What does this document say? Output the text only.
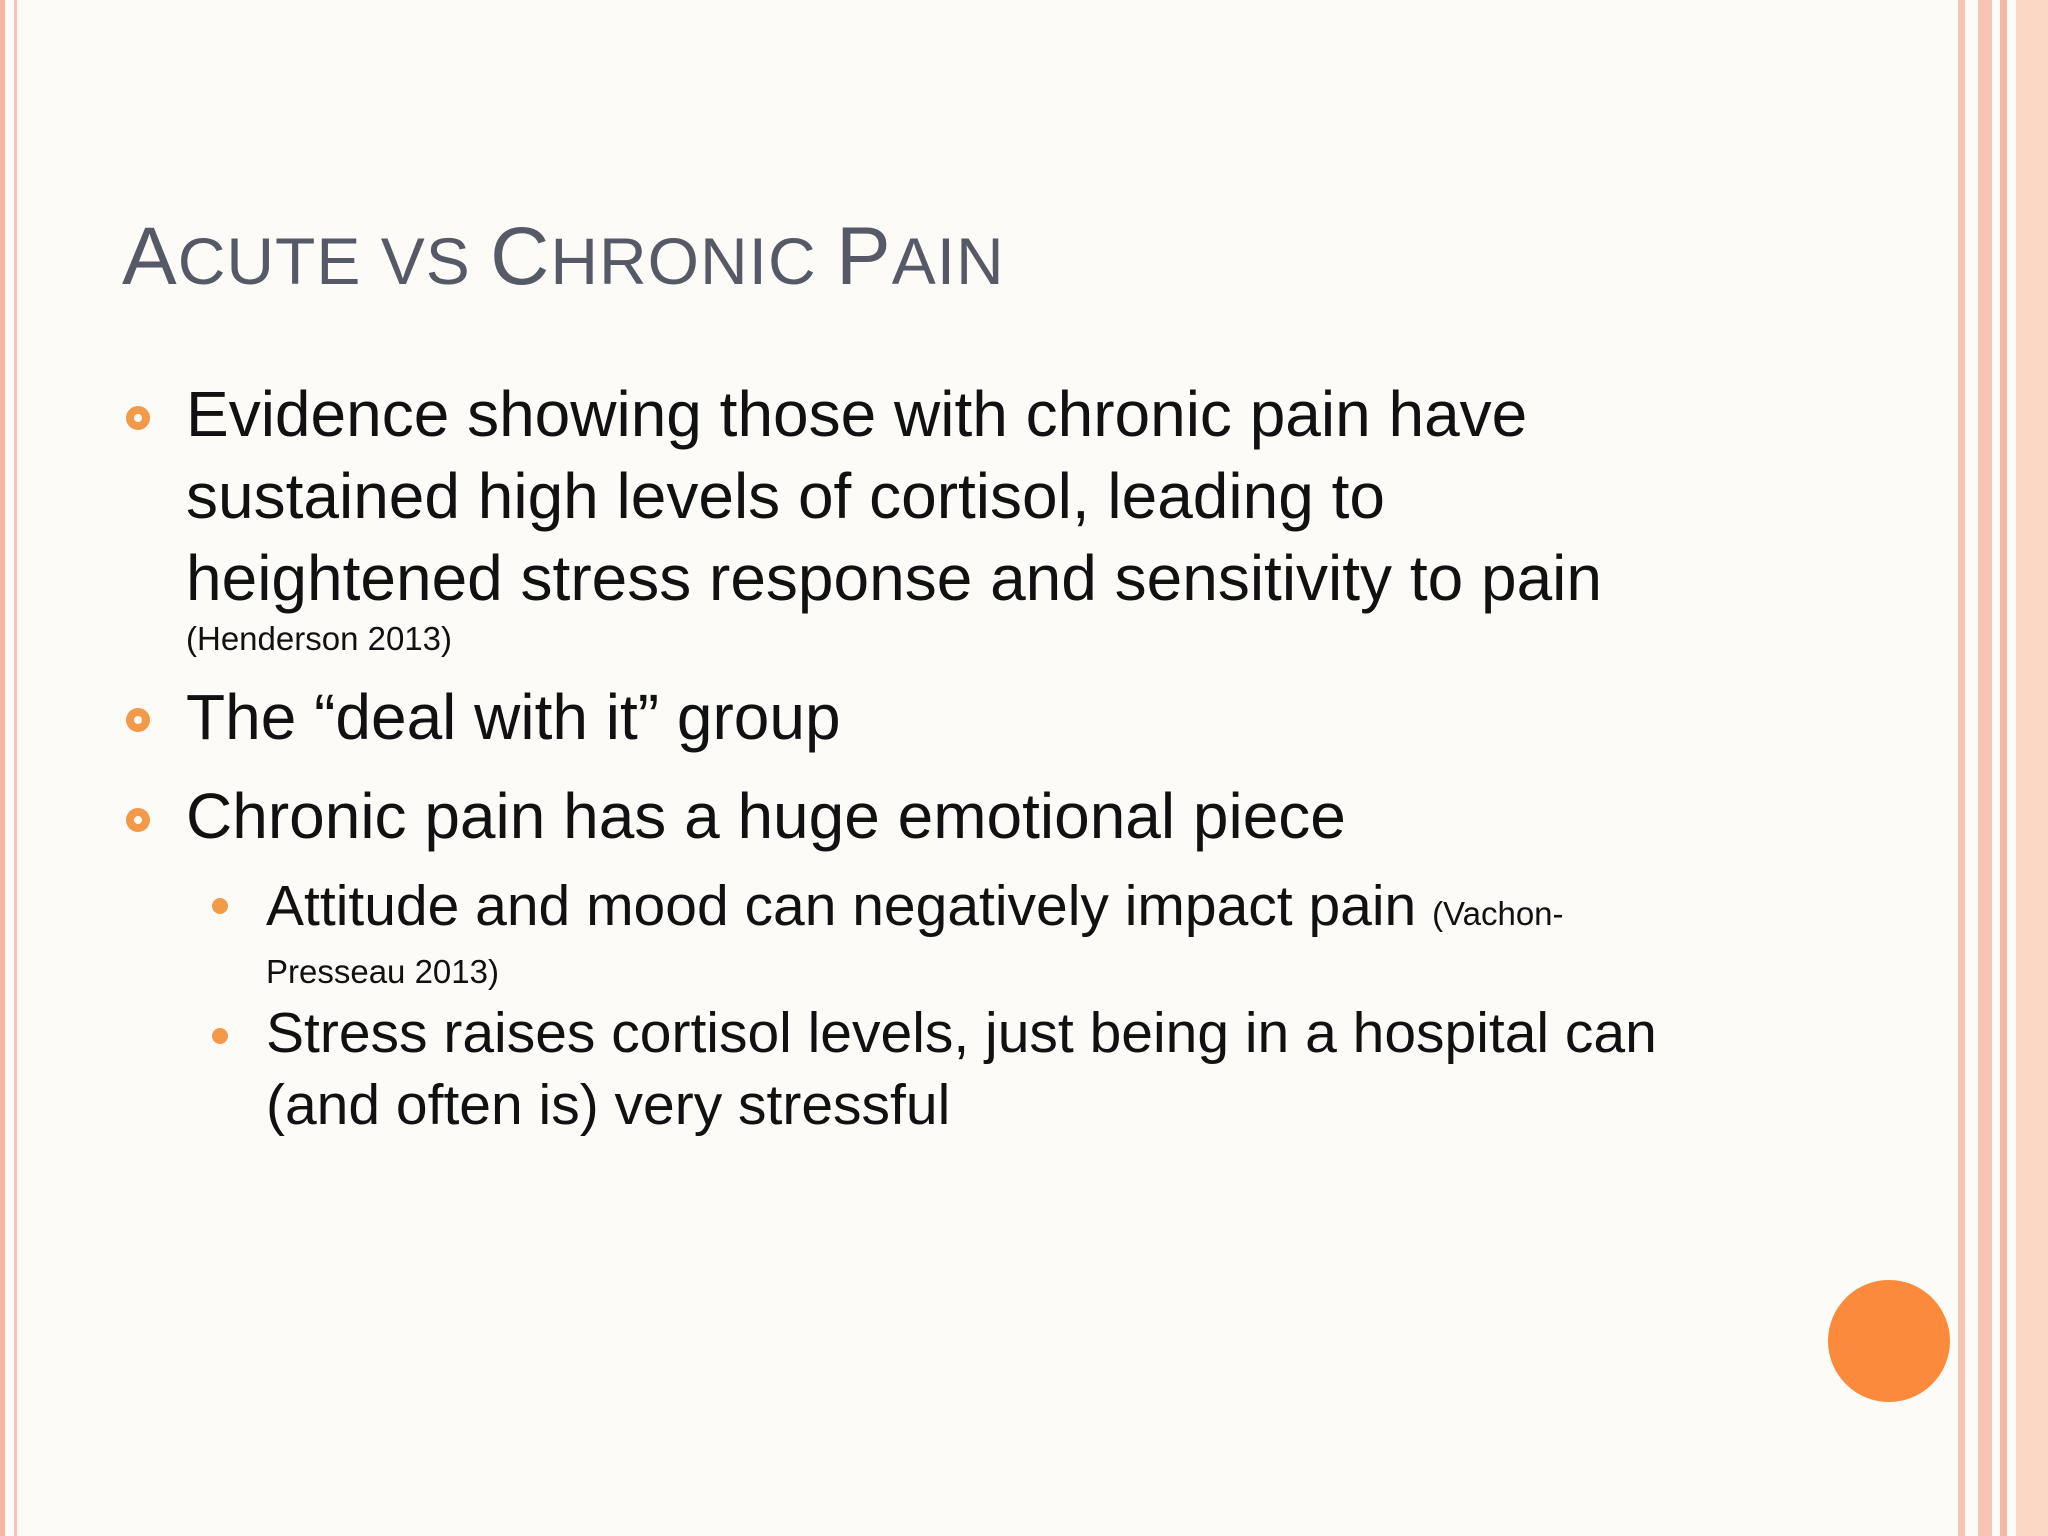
ACUTE VS CHRONIC PAIN
Evidence showing those with chronic pain have
sustained high levels of cortisol, leading to
heightened stress response and sensitivity to pain
(Henderson 2013)
The “deal with it” group
Chronic pain has a huge emotional piece
Attitude and mood can negatively impact pain (Vachon-
Presseau 2013)
Stress raises cortisol levels, just being in a hospital can
(and often is) very stressful
